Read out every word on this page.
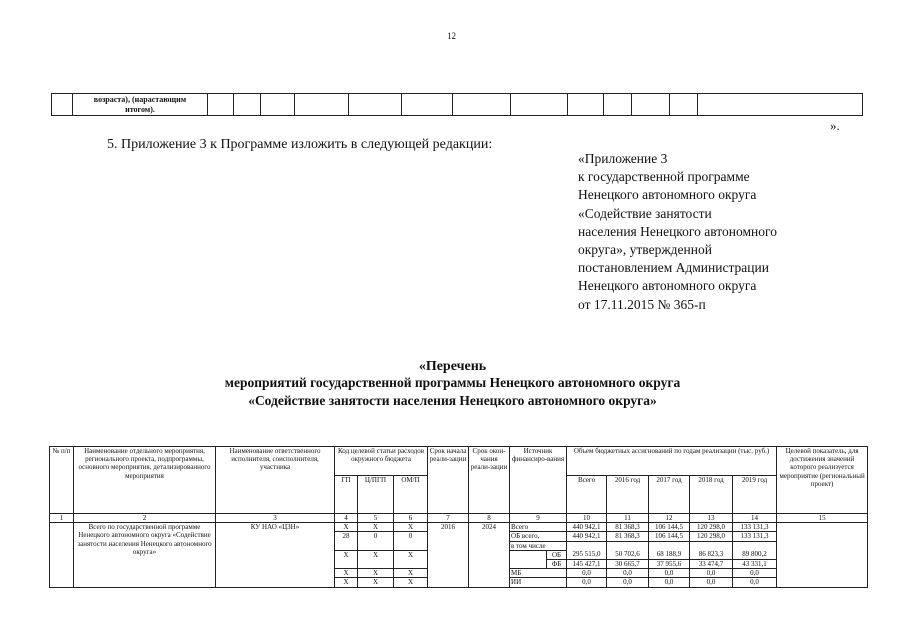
12
	возраста), (нарастающим
итогом).													
».
5. Приложение 3 к Программе изложить в следующей редакции:
«Приложение 3
к государственной программе
Ненецкого автономного округа
«Содействие занятости
населения Ненецкого автономного
округа», утвержденной
постановлением Администрации
Ненецкого автономного округа
от 17.11.2015 № 365-п
«Перечень
мероприятий государственной программы Ненецкого автономного округа
«Содействие занятости населения Ненецкого автономного округа»
№ п/п	Наименование отдельного мероприятия, регионального проекта, подпрограммы, основного мероприятия, детализированного мероприятия	Наименование ответственного исполнителя, соисполнителя, участника	Код целевой статьи расходов окружного бюджета			Срок начала реали-зации	Срок окон-чания реали-зации	Источник финансиро-вания		Объем бюджетных ассигнований по годам реализации (тыс. руб.)					Целевой показатель, для достижения значений которого реализуется мероприятие (региональный проект)
			ГП	Ц/ПГП	ОМ/П					Всего	2016 год	2017 год	2018 год	2019 год	
1	2	3	4	5	6	7	8	9		10	11	12	13	14	15
	Всего по государственной программе Ненецкого автономного округа «Содействие занятости населения Ненецкого автономного округа»	КУ НАО «ЦЗН»	Х	Х	Х	2016	2024	Всего		440 942,1	81 368,3	106 144,5	120 298,0	133 131,3	
			28	0	0			ОБ всего,		440 942,1	81 368,3	106 144,5	120 298,0	133 131,3	
								в том числе							
			Х	Х	Х				ОБ	295 515,0	50 702,6	68 188,9	86 823,3	89 800,2	
									ФБ	145 427,1	30 665,7	37 955,6	33 474,7	43 331,1	
			Х	Х	Х			МБ		0,0	0,0	0,0	0,0	0,0	
			Х	Х	Х			ИИ		0,0	0,0	0,0	0,0	0,0	
